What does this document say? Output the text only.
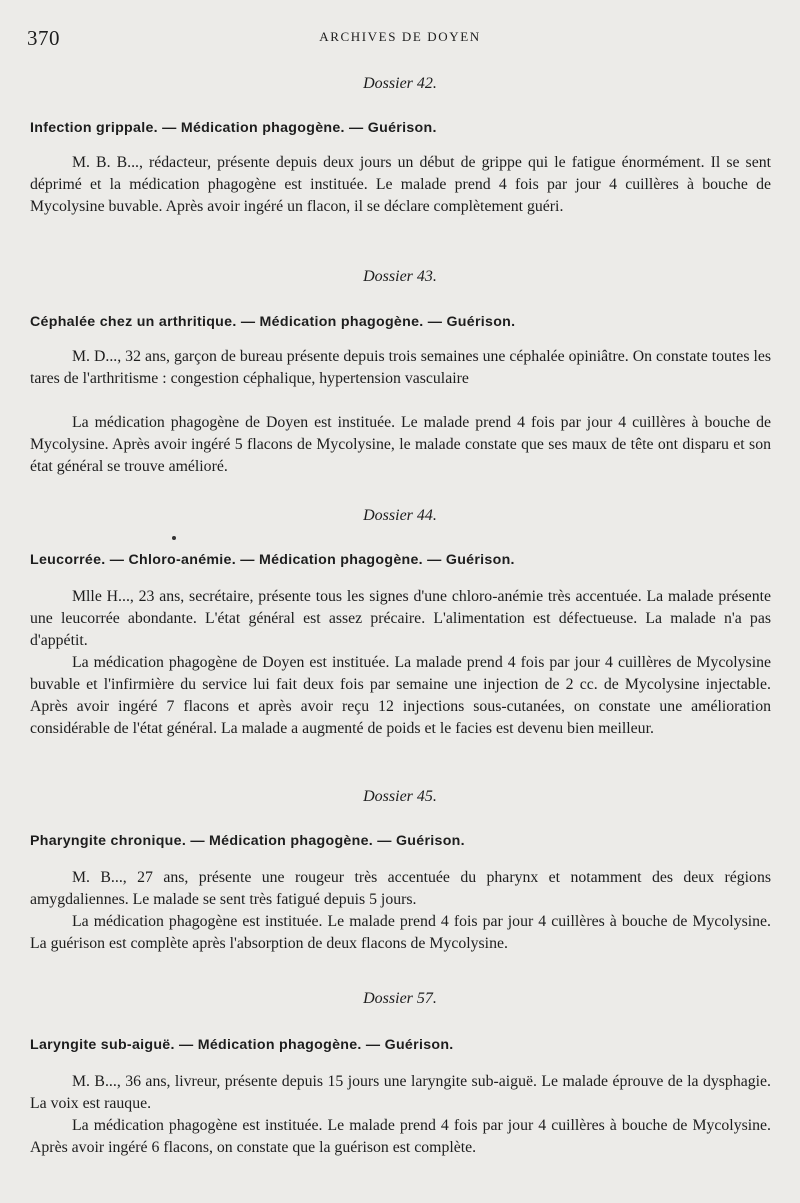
370	ARCHIVES DE DOYEN
Dossier 42.
Infection grippale. — Médication phagogène. — Guérison.
M. B. B..., rédacteur, présente depuis deux jours un début de grippe qui le fatigue énormément. Il se sent déprimé et la médication phagogène est instituée. Le malade prend 4 fois par jour 4 cuillères à bouche de Mycolysine buvable. Après avoir ingéré un flacon, il se déclare complètement guéri.
Dossier 43.
Céphalée chez un arthritique. — Médication phagogène. — Guérison.
M. D..., 32 ans, garçon de bureau présente depuis trois semaines une céphalée opiniâtre. On constate toutes les tares de l'arthritisme : congestion céphalique, hypertension vasculaire
La médication phagogène de Doyen est instituée. Le malade prend 4 fois par jour 4 cuillères à bouche de Mycolysine. Après avoir ingéré 5 flacons de Mycolysine, le malade constate que ses maux de tête ont disparu et son état général se trouve amélioré.
Dossier 44.
Leucorrée. — Chloro-anémie. — Médication phagogène. — Guérison.
Mlle H..., 23 ans, secrétaire, présente tous les signes d'une chloro-anémie très accentuée. La malade présente une leucorrée abondante. L'état général est assez précaire. L'alimentation est défectueuse. La malade n'a pas d'appétit.
La médication phagogène de Doyen est instituée. La malade prend 4 fois par jour 4 cuillères de Mycolysine buvable et l'infirmière du service lui fait deux fois par semaine une injection de 2 cc. de Mycolysine injectable. Après avoir ingéré 7 flacons et après avoir reçu 12 injections sous-cutanées, on constate une amélioration considérable de l'état général. La malade a augmenté de poids et le facies est devenu bien meilleur.
Dossier 45.
Pharyngite chronique. — Médication phagogène. — Guérison.
M. B..., 27 ans, présente une rougeur très accentuée du pharynx et notamment des deux régions amygdaliennes. Le malade se sent très fatigué depuis 5 jours.
La médication phagogène est instituée. Le malade prend 4 fois par jour 4 cuillères à bouche de Mycolysine. La guérison est complète après l'absorption de deux flacons de Mycolysine.
Dossier 57.
Laryngite sub-aiguë. — Médication phagogène. — Guérison.
M. B..., 36 ans, livreur, présente depuis 15 jours une laryngite sub-aiguë. Le malade éprouve de la dysphagie. La voix est rauque.
La médication phagogène est instituée. Le malade prend 4 fois par jour 4 cuillères à bouche de Mycolysine. Après avoir ingéré 6 flacons, on constate que la guérison est complète.
